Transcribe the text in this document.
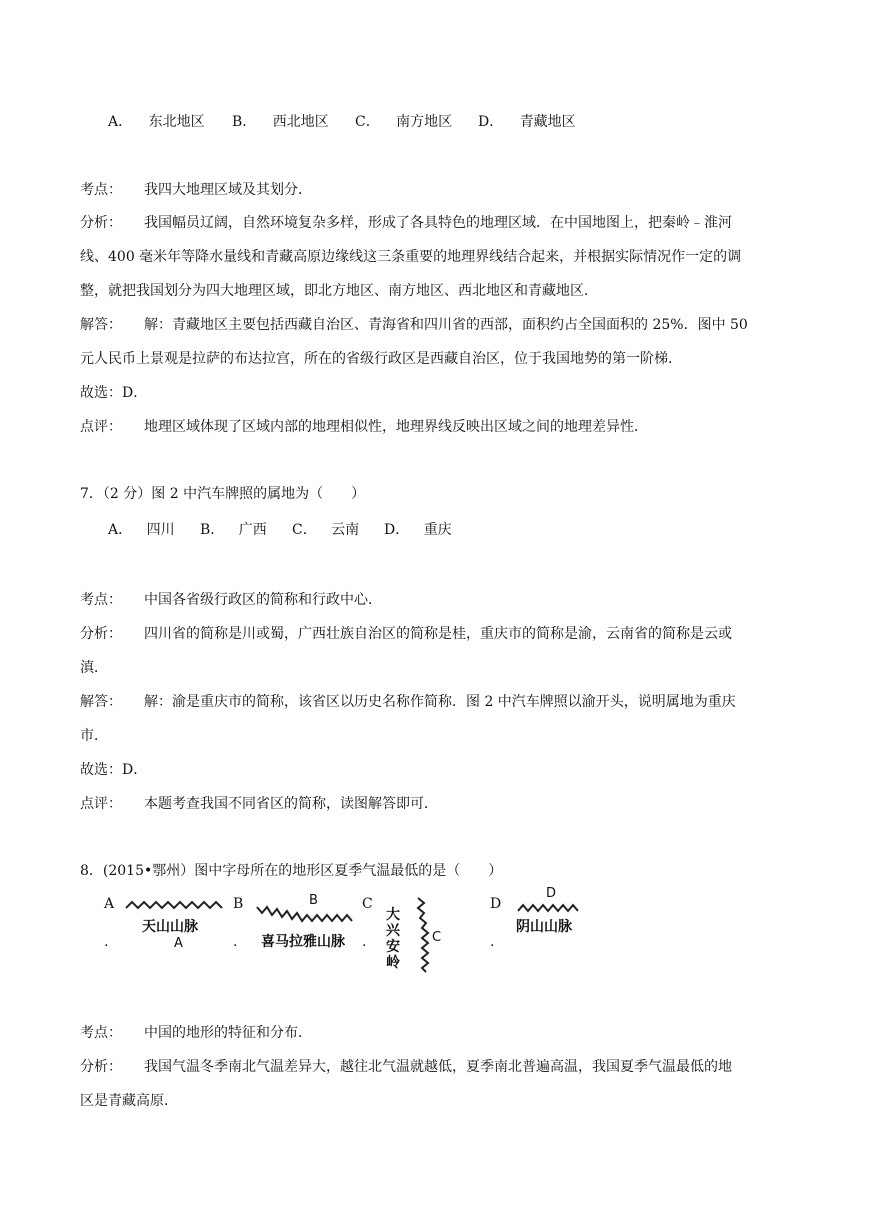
A． 东北地区 B． 西北地区 C． 南方地区 D． 青藏地区
考点： 我四大地理区域及其划分．
分析： 我国幅员辽阔，自然环境复杂多样，形成了各具特色的地理区域．在中国地图上，把秦岭﹣淮河
线、400 毫米年等降水量线和青藏高原边缘线这三条重要的地理界线结合起来，并根据实际情况作一定的调
整，就把我国划分为四大地理区域，即北方地区、南方地区、西北地区和青藏地区．
解答： 解：青藏地区主要包括西藏自治区、青海省和四川省的西部，面积约占全国面积的 25%．图中 50
元人民币上景观是拉萨的布达拉宫，所在的省级行政区是西藏自治区，位于我国地势的第一阶梯．
故选：D．
点评： 地理区域体现了区域内部的地理相似性，地理界线反映出区域之间的地理差异性．
7．（2 分）图 2 中汽车牌照的属地为（　　）
A． 四川 B． 广西 C． 云南 D． 重庆
考点： 中国各省级行政区的简称和行政中心．
分析： 四川省的简称是川或蜀，广西壮族自治区的简称是桂，重庆市的简称是渝，云南省的简称是云或
滇．
解答： 解：渝是重庆市的简称，该省区以历史名称作简称．图 2 中汽车牌照以渝开头，说明属地为重庆
市．
故选：D．
点评： 本题考查我国不同省区的简称，读图解答即可．
8．(2015•鄂州）图中字母所在的地形区夏季气温最低的是（　　）
A
.
天山山脉
A
B
.
B
喜马拉雅山脉
C
.
大
兴
安
岭
C
D
.
D
阴山山脉
考点： 中国的地形的特征和分布．
分析： 我国气温冬季南北气温差异大，越往北气温就越低，夏季南北普遍高温，我国夏季气温最低的地
区是青藏高原．
